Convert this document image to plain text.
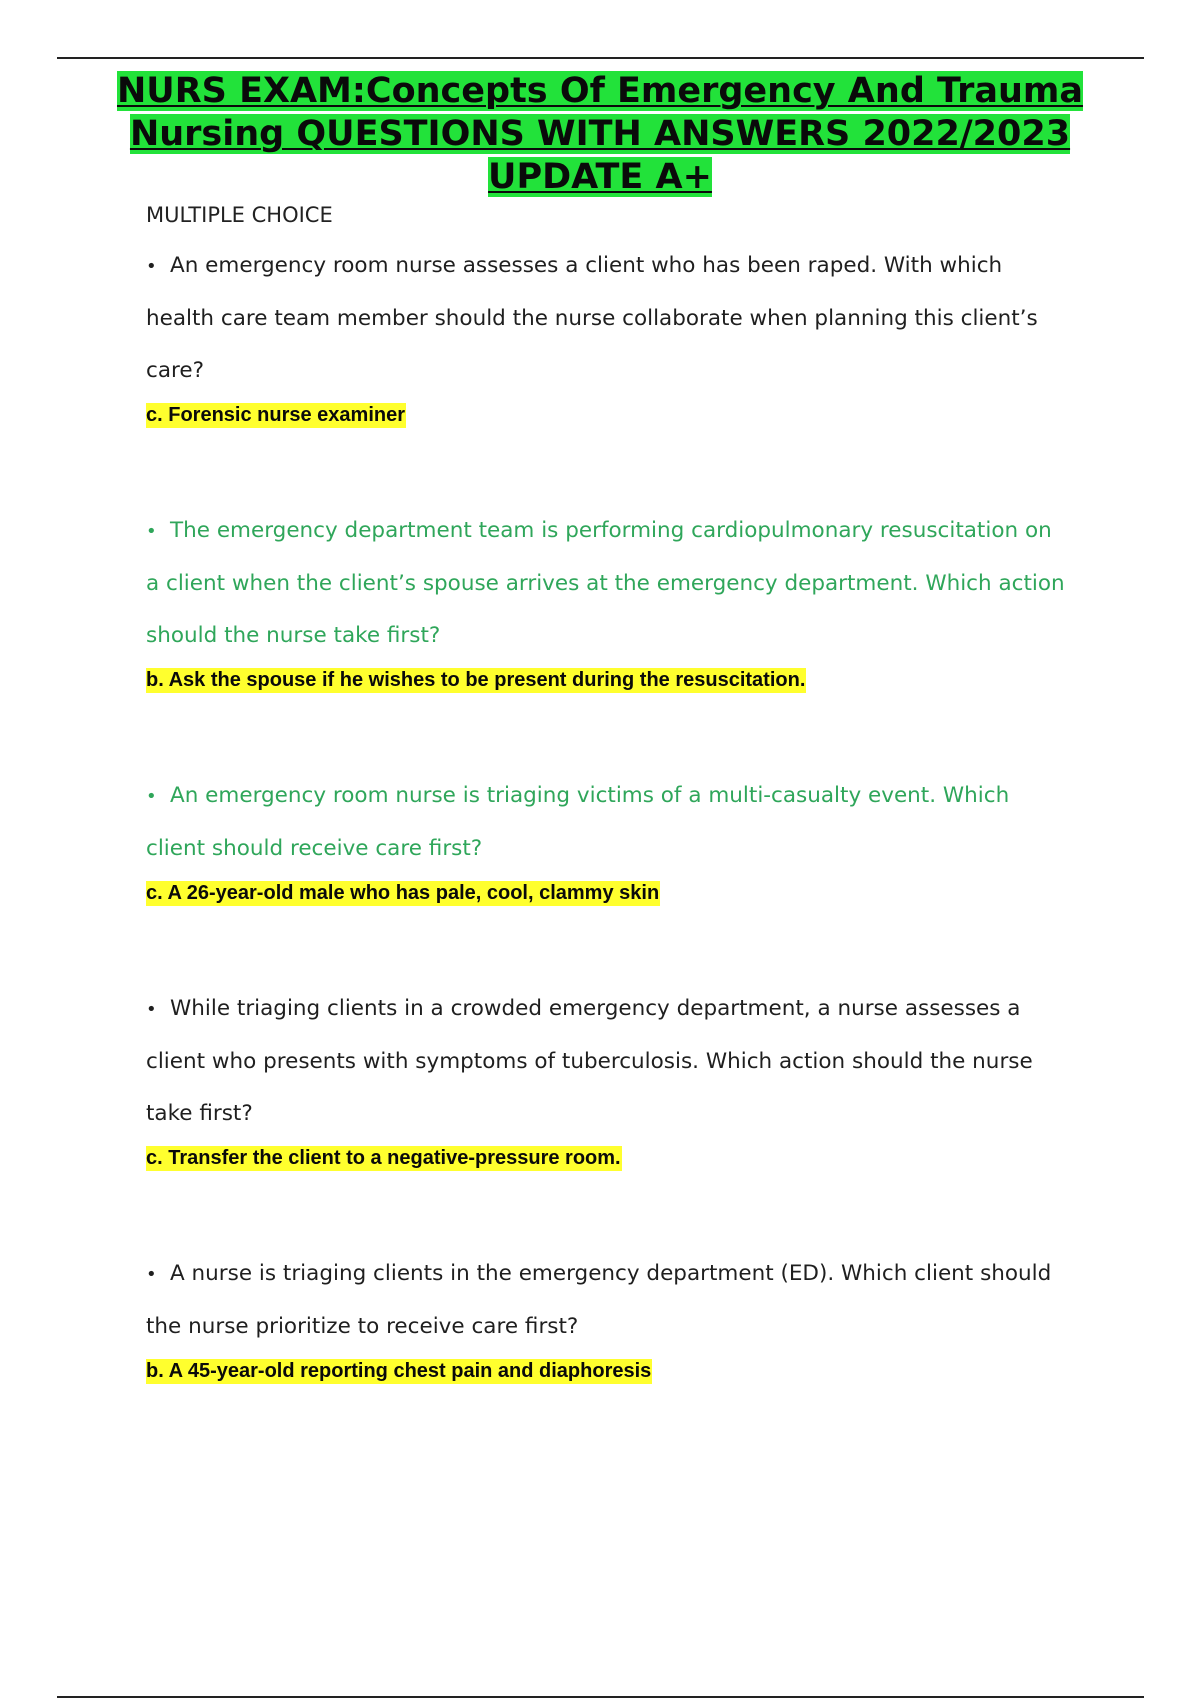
NURS EXAM:Concepts Of Emergency And Trauma Nursing QUESTIONS WITH ANSWERS 2022/2023 UPDATE A+

MULTIPLE CHOICE

• An emergency room nurse assesses a client who has been raped. With which health care team member should the nurse collaborate when planning this client’s care?

c. Forensic nurse examiner

• The emergency department team is performing cardiopulmonary resuscitation on a client when the client’s spouse arrives at the emergency department. Which action should the nurse take first?

b. Ask the spouse if he wishes to be present during the resuscitation.

• An emergency room nurse is triaging victims of a multi-casualty event. Which client should receive care first?

c. A 26-year-old male who has pale, cool, clammy skin

• While triaging clients in a crowded emergency department, a nurse assesses a client who presents with symptoms of tuberculosis. Which action should the nurse take first?

c. Transfer the client to a negative-pressure room.

• A nurse is triaging clients in the emergency department (ED). Which client should the nurse prioritize to receive care first?

b. A 45-year-old reporting chest pain and diaphoresis
